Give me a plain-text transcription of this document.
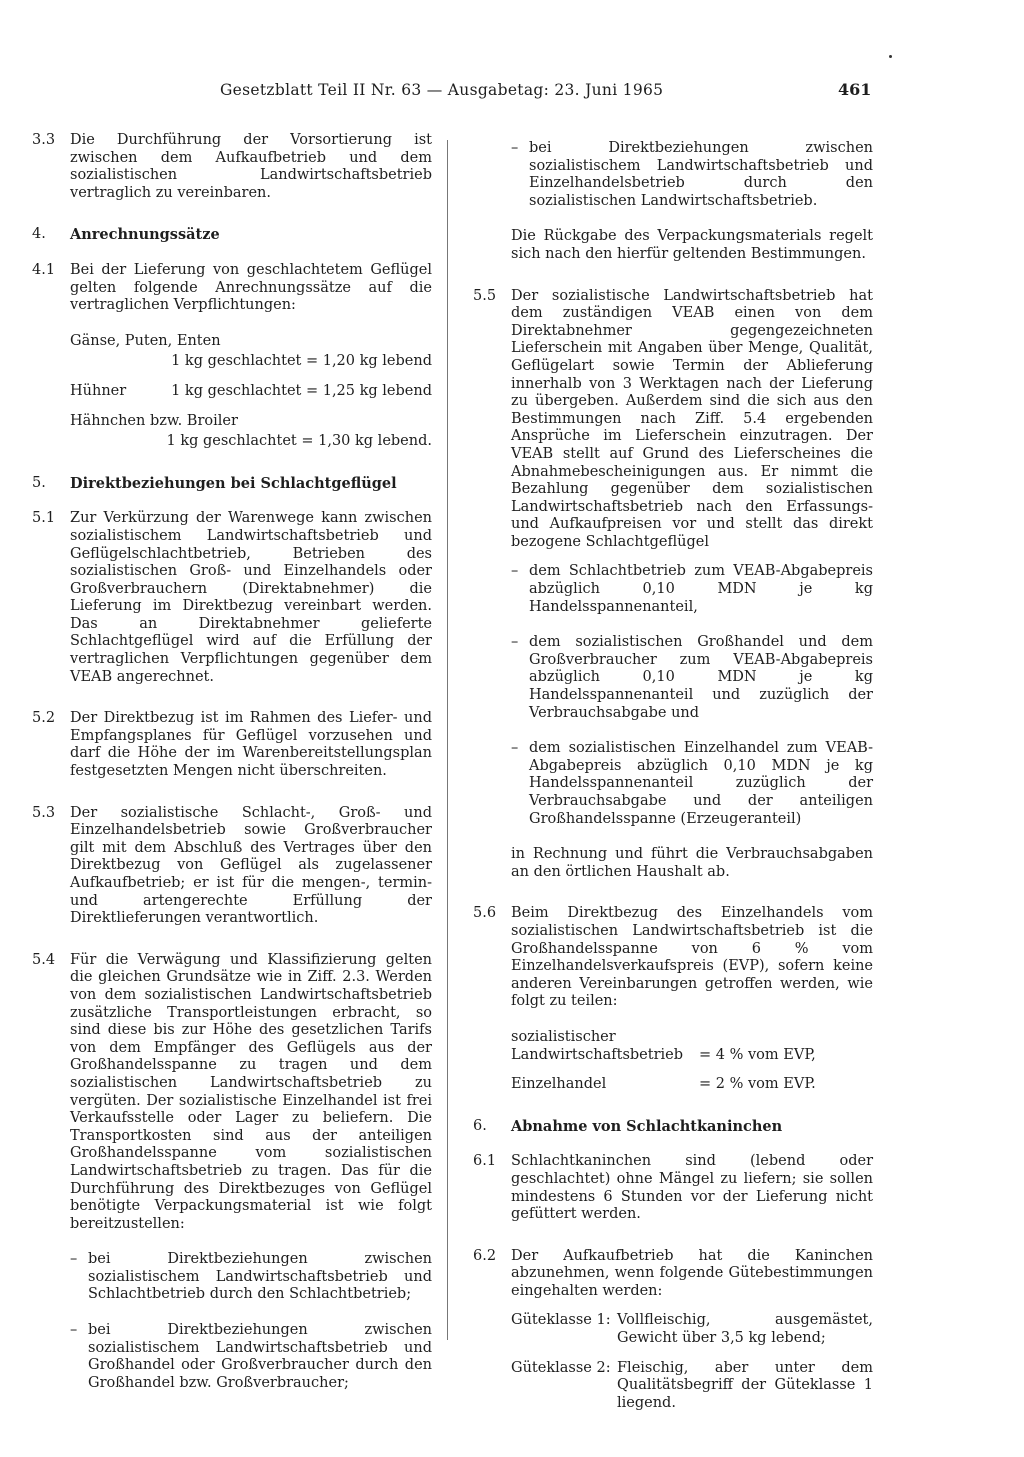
Gesetzblatt Teil II Nr. 63 — Ausgabetag: 23. Juni 1965	461
3.3 Die Durchführung der Vorsortierung ist zwischen dem Aufkaufbetrieb und dem sozialistischen Landwirtschaftsbetrieb vertraglich zu vereinbaren.
4. Anrechnungssätze
4.1 Bei der Lieferung von geschlachtetem Geflügel gelten folgende Anrechnungssätze auf die vertraglichen Verpflichtungen:
Gänse, Puten, Enten
1 kg geschlachtet = 1,20 kg lebend
Hühner	1 kg geschlachtet = 1,25 kg lebend
Hähnchen bzw. Broiler
1 kg geschlachtet = 1,30 kg lebend.
5. Direktbeziehungen bei Schlachtgeflügel
5.1 Zur Verkürzung der Warenwege kann zwischen sozialistischem Landwirtschaftsbetrieb und Geflügelschlachtbetrieb, Betrieben des sozialistischen Groß- und Einzelhandels oder Großverbrauchern (Direktabnehmer) die Lieferung im Direktbezug vereinbart werden. Das an Direktabnehmer gelieferte Schlachtgeflügel wird auf die Erfüllung der vertraglichen Verpflichtungen gegenüber dem VEAB angerechnet.
5.2 Der Direktbezug ist im Rahmen des Liefer- und Empfangsplanes für Geflügel vorzusehen und darf die Höhe der im Warenbereitstellungsplan festgesetzten Mengen nicht überschreiten.
5.3 Der sozialistische Schlacht-, Groß- und Einzelhandelsbetrieb sowie Großverbraucher gilt mit dem Abschluß des Vertrages über den Direktbezug von Geflügel als zugelassener Aufkaufbetrieb; er ist für die mengen-, termin- und artengerechte Erfüllung der Direktlieferungen verantwortlich.
5.4 Für die Verwägung und Klassifizierung gelten die gleichen Grundsätze wie in Ziff. 2.3. Werden von dem sozialistischen Landwirtschaftsbetrieb zusätzliche Transportleistungen erbracht, so sind diese bis zur Höhe des gesetzlichen Tarifs von dem Empfänger des Geflügels aus der Großhandelsspanne zu tragen und dem sozialistischen Landwirtschaftsbetrieb zu vergüten. Der sozialistische Einzelhandel ist frei Verkaufsstelle oder Lager zu beliefern. Die Transportkosten sind aus der anteiligen Großhandelsspanne vom sozialistischen Landwirtschaftsbetrieb zu tragen. Das für die Durchführung des Direktbezuges von Geflügel benötigte Verpackungsmaterial ist wie folgt bereitzustellen:
– bei Direktbeziehungen zwischen sozialistischem Landwirtschaftsbetrieb und Schlachtbetrieb durch den Schlachtbetrieb;
– bei Direktbeziehungen zwischen sozialistischem Landwirtschaftsbetrieb und Großhandel oder Großverbraucher durch den Großhandel bzw. Großverbraucher;
– bei Direktbeziehungen zwischen sozialistischem Landwirtschaftsbetrieb und Einzelhandelsbetrieb durch den sozialistischen Landwirtschaftsbetrieb.
Die Rückgabe des Verpackungsmaterials regelt sich nach den hierfür geltenden Bestimmungen.
5.5 Der sozialistische Landwirtschaftsbetrieb hat dem zuständigen VEAB einen von dem Direktabnehmer gegengezeichneten Lieferschein mit Angaben über Menge, Qualität, Geflügelart sowie Termin der Ablieferung innerhalb von 3 Werktagen nach der Lieferung zu übergeben. Außerdem sind die sich aus den Bestimmungen nach Ziff. 5.4 ergebenden Ansprüche im Lieferschein einzutragen. Der VEAB stellt auf Grund des Lieferscheines die Abnahmebescheinigungen aus. Er nimmt die Bezahlung gegenüber dem sozialistischen Landwirtschaftsbetrieb nach den Erfassungs- und Aufkaufpreisen vor und stellt das direkt bezogene Schlachtgeflügel
– dem Schlachtbetrieb zum VEAB-Abgabepreis abzüglich 0,10 MDN je kg Handelsspannenanteil,
– dem sozialistischen Großhandel und dem Großverbraucher zum VEAB-Abgabepreis abzüglich 0,10 MDN je kg Handelsspannenanteil und zuzüglich der Verbrauchsabgabe und
– dem sozialistischen Einzelhandel zum VEAB-Abgabepreis abzüglich 0,10 MDN je kg Handelsspannenanteil zuzüglich der Verbrauchsabgabe und der anteiligen Großhandelsspanne (Erzeugeranteil)
in Rechnung und führt die Verbrauchsabgaben an den örtlichen Haushalt ab.
5.6 Beim Direktbezug des Einzelhandels vom sozialistischen Landwirtschaftsbetrieb ist die Großhandelsspanne von 6 % vom Einzelhandelsverkaufspreis (EVP), sofern keine anderen Vereinbarungen getroffen werden, wie folgt zu teilen:
sozialistischer
Landwirtschaftsbetrieb	= 4 % vom EVP,
Einzelhandel	= 2 % vom EVP.
6. Abnahme von Schlachtkaninchen
6.1 Schlachtkaninchen sind (lebend oder geschlachtet) ohne Mängel zu liefern; sie sollen mindestens 6 Stunden vor der Lieferung nicht gefüttert werden.
6.2 Der Aufkaufbetrieb hat die Kaninchen abzunehmen, wenn folgende Gütebestimmungen eingehalten werden:
Güteklasse 1: Vollfleischig, ausgemästet, Gewicht über 3,5 kg lebend;
Güteklasse 2: Fleischig, aber unter dem Qualitätsbegriff der Güteklasse 1 liegend.
